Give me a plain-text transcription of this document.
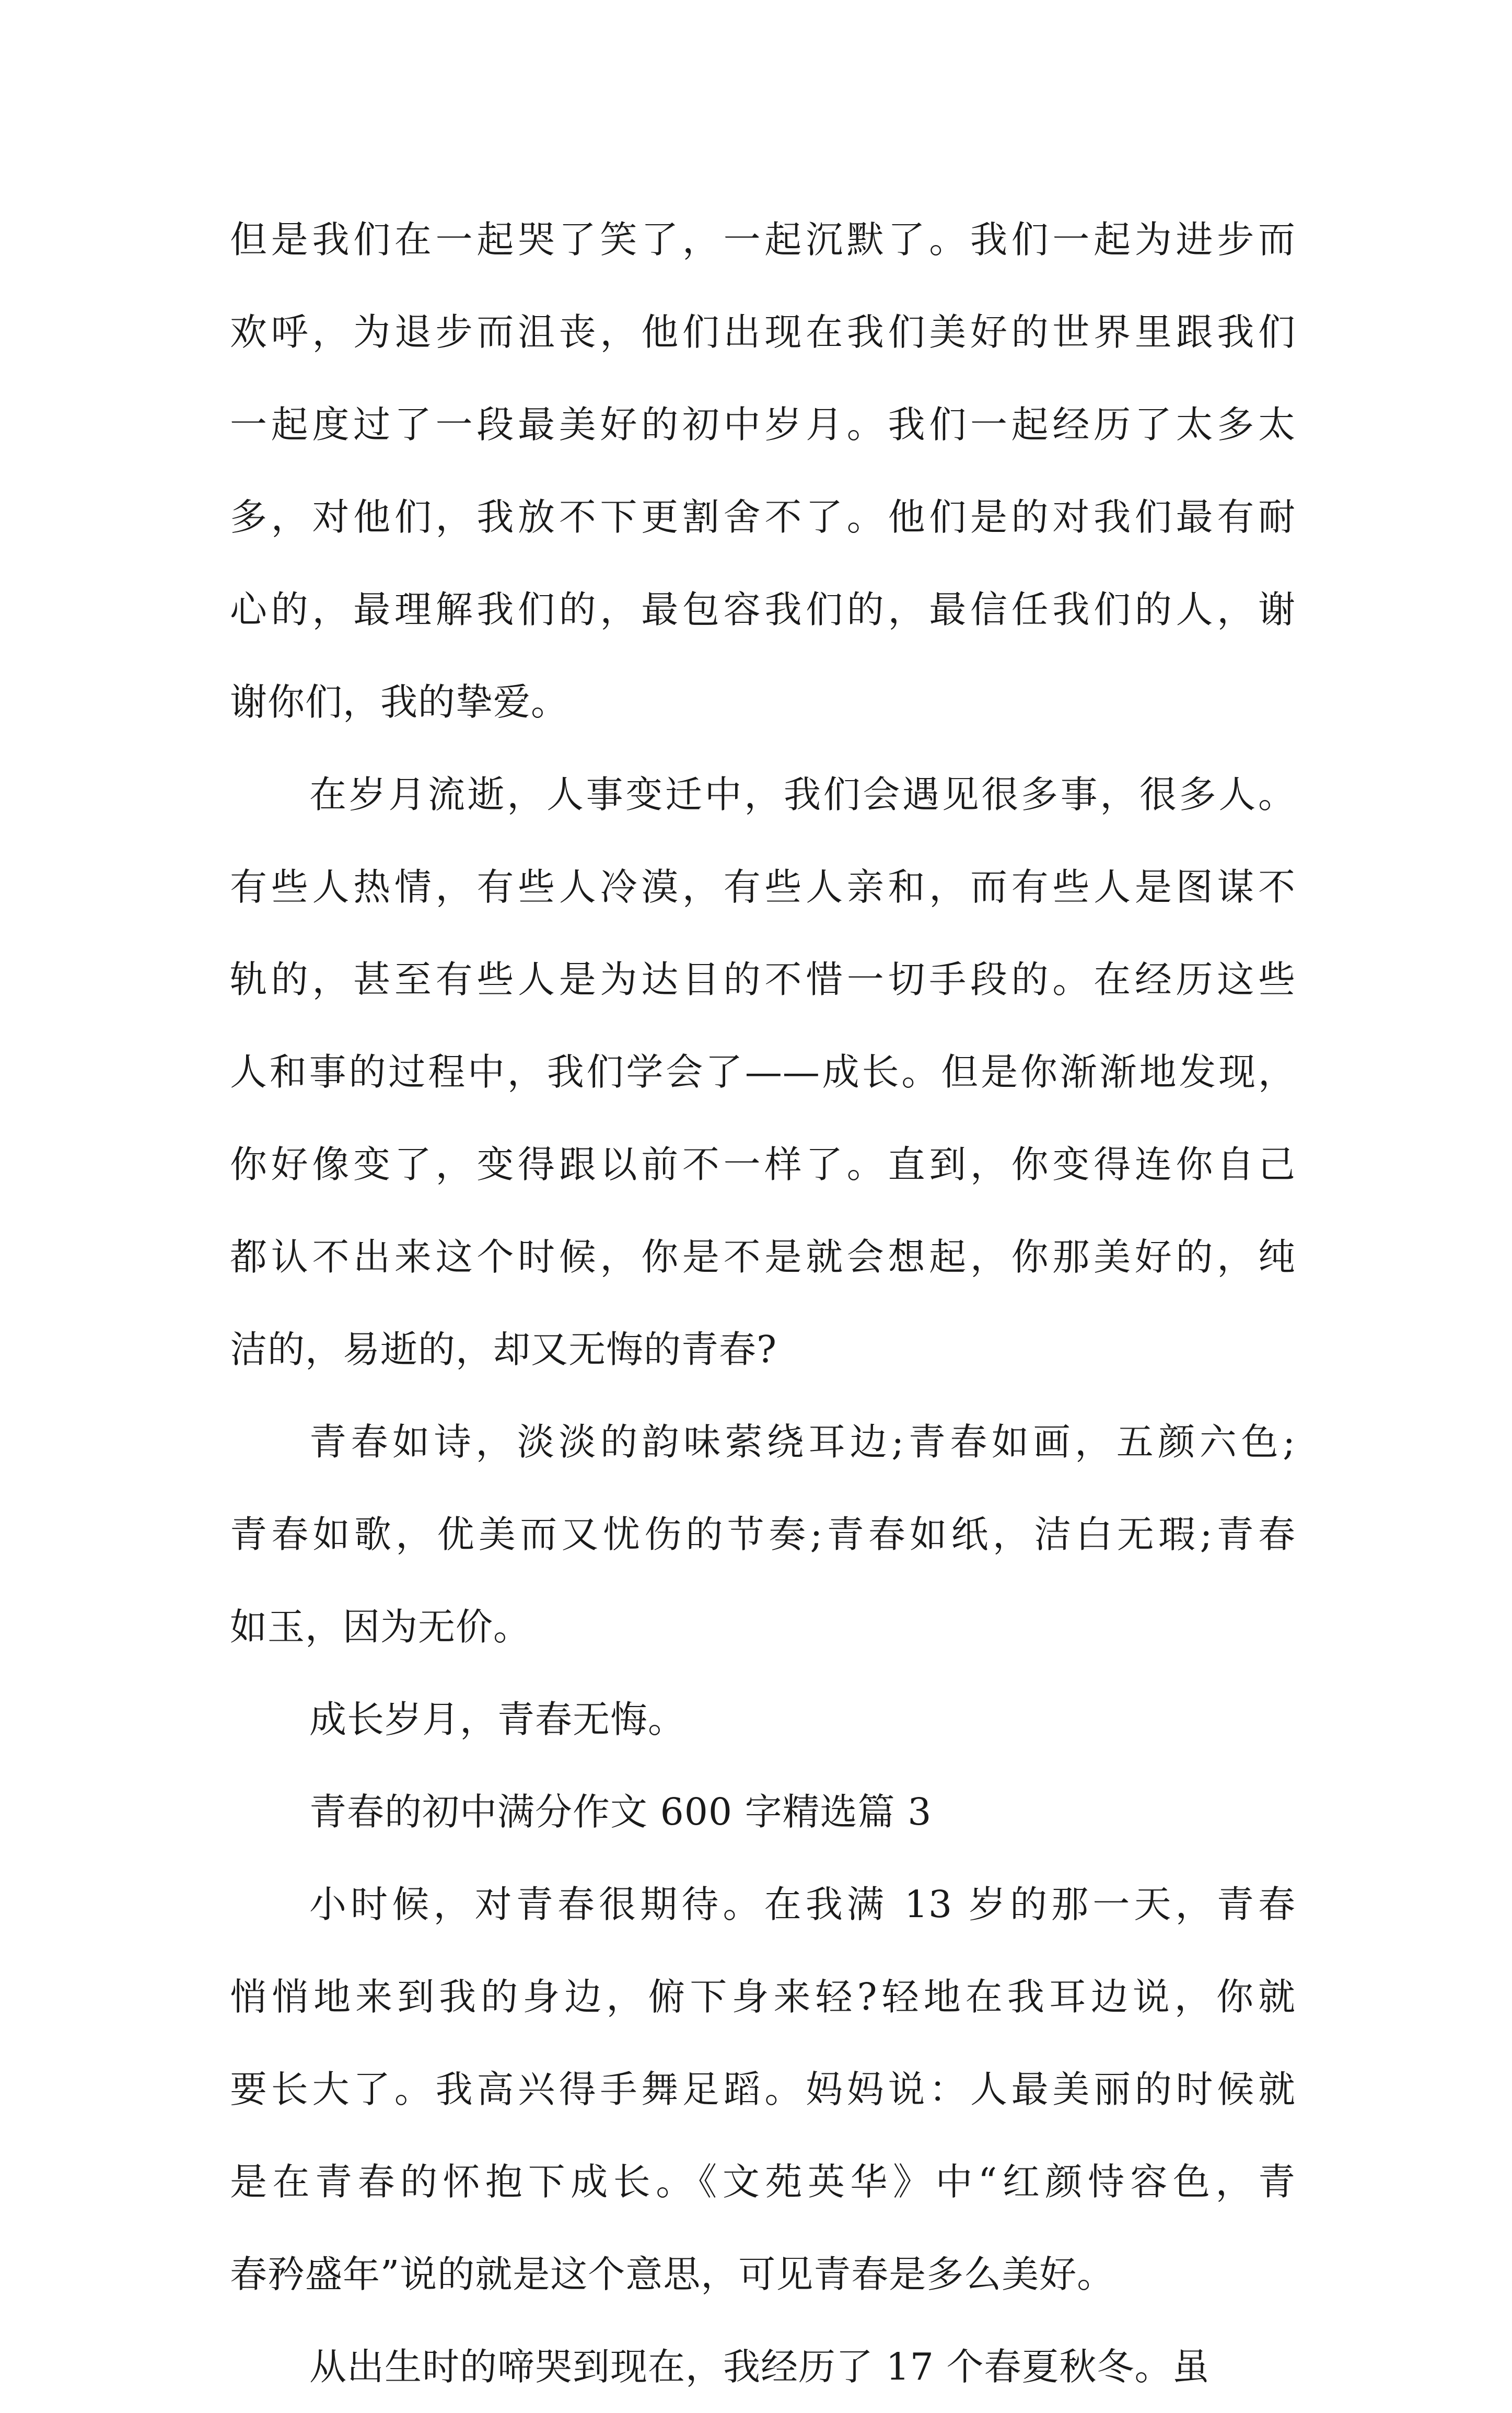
但是我们在一起哭了笑了，一起沉默了。我们一起为进步而
欢呼，为退步而沮丧，他们出现在我们美好的世界里跟我们
一起度过了一段最美好的初中岁月。我们一起经历了太多太
多，对他们，我放不下更割舍不了。他们是的对我们最有耐
心的，最理解我们的，最包容我们的，最信任我们的人，谢
谢你们，我的挚爱。
在岁月流逝，人事变迁中，我们会遇见很多事，很多人。
有些人热情，有些人冷漠，有些人亲和，而有些人是图谋不
轨的，甚至有些人是为达目的不惜一切手段的。在经历这些
人和事的过程中，我们学会了——成长。但是你渐渐地发现，
你好像变了，变得跟以前不一样了。直到，你变得连你自己
都认不出来这个时候，你是不是就会想起，你那美好的，纯
洁的，易逝的，却又无悔的青春?
青春如诗，淡淡的韵味萦绕耳边;青春如画，五颜六色;
青春如歌，优美而又忧伤的节奏;青春如纸，洁白无瑕;青春
如玉，因为无价。
成长岁月，青春无悔。
青春的初中满分作文 600 字精选篇 3
小时候，对青春很期待。在我满 13 岁的那一天，青春
悄悄地来到我的身边，俯下身来轻?轻地在我耳边说，你就
要长大了。我高兴得手舞足蹈。妈妈说：人最美丽的时候就
是在青春的怀抱下成长。《文苑英华》中“红颜恃容色，青
春矜盛年”说的就是这个意思，可见青春是多么美好。
从出生时的啼哭到现在，我经历了 17 个春夏秋冬。虽
